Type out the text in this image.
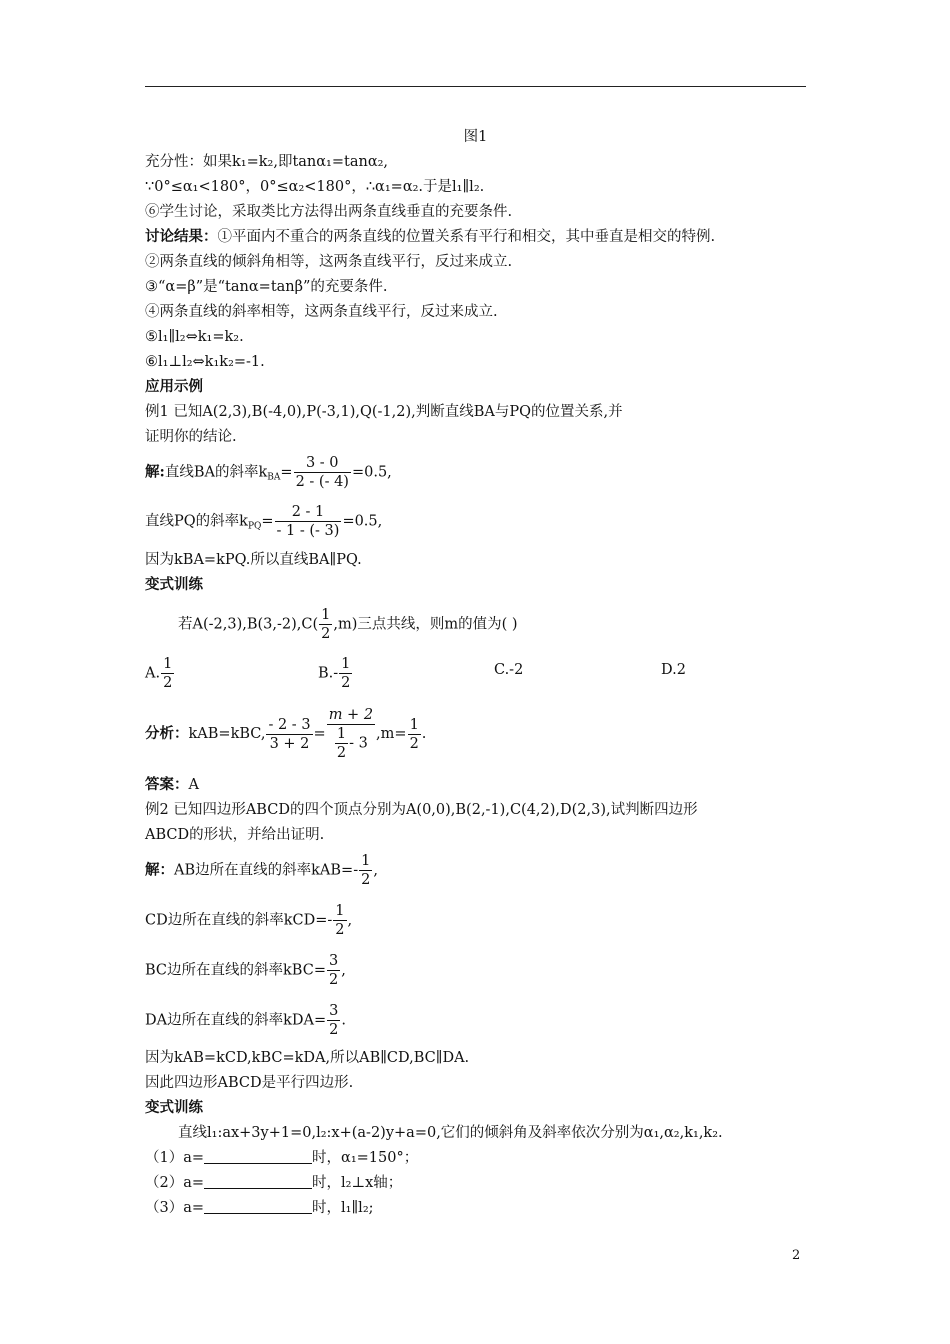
图1
充分性：如果k₁=k₂,即tanα₁=tanα₂,
∵0°≤α₁<180°，0°≤α₂<180°，∴α₁=α₂.于是l₁∥l₂.
⑥学生讨论，采取类比方法得出两条直线垂直的充要条件.
讨论结果：①平面内不重合的两条直线的位置关系有平行和相交，其中垂直是相交的特例.
②两条直线的倾斜角相等，这两条直线平行，反过来成立.
③“α=β”是“tanα=tanβ”的充要条件.
④两条直线的斜率相等，这两条直线平行，反过来成立.
⑤l₁∥l₂⇔k₁=k₂.
⑥l₁⊥l₂⇔k₁k₂=-1.
应用示例
例1 已知A(2,3),B(-4,0),P(-3,1),Q(-1,2),判断直线BA与PQ的位置关系,并
证明你的结论.
解:直线BA的斜率$k_{BA}= \frac{3 - 0}{2 - (- 4)} =0.5$,
直线PQ的斜率$k_{PQ}= \frac{2 - 1}{- 1 - (- 3)} =0.5$,
因为kBA=kPQ.所以直线BA∥PQ.
变式训练
若$A(-2,3),B(3,-2),C( \frac{1}{2} ,m)$三点共线，则m的值为( )
A. $\frac{1}{2}$	$B.- \frac{1}{2}$	C.-2	D.2
分析：kAB=kBC, $\frac{- 2 - 3}{3 + 2} = \frac{m + 2}{\frac{1}{2} - 3} ,m= \frac{1}{2}$ .
答案：A
例2 已知四边形ABCD的四个顶点分别为A(0,0),B(2,-1),C(4,2),D(2,3),试判断四边形
ABCD的形状，并给出证明.
解：AB边所在直线的斜率$kAB=- \frac{1}{2}$ ,
CD边所在直线的斜率$kCD=- \frac{1}{2}$ ,
BC边所在直线的斜率$kBC= \frac{3}{2}$ ,
DA边所在直线的斜率$kDA= \frac{3}{2}$ .
因为kAB=kCD,kBC=kDA,所以AB∥CD,BC∥DA.
因此四边形ABCD是平行四边形.
变式训练
直线l₁:ax+3y+1=0,l₂:x+(a-2)y+a=0,它们的倾斜角及斜率依次分别为α₁,α₂,k₁,k₂.
（1）a=	时，α₁=150°；
（2）a=	时，l₂⊥x轴；
（3）a=	时，l₁∥l₂;
2
